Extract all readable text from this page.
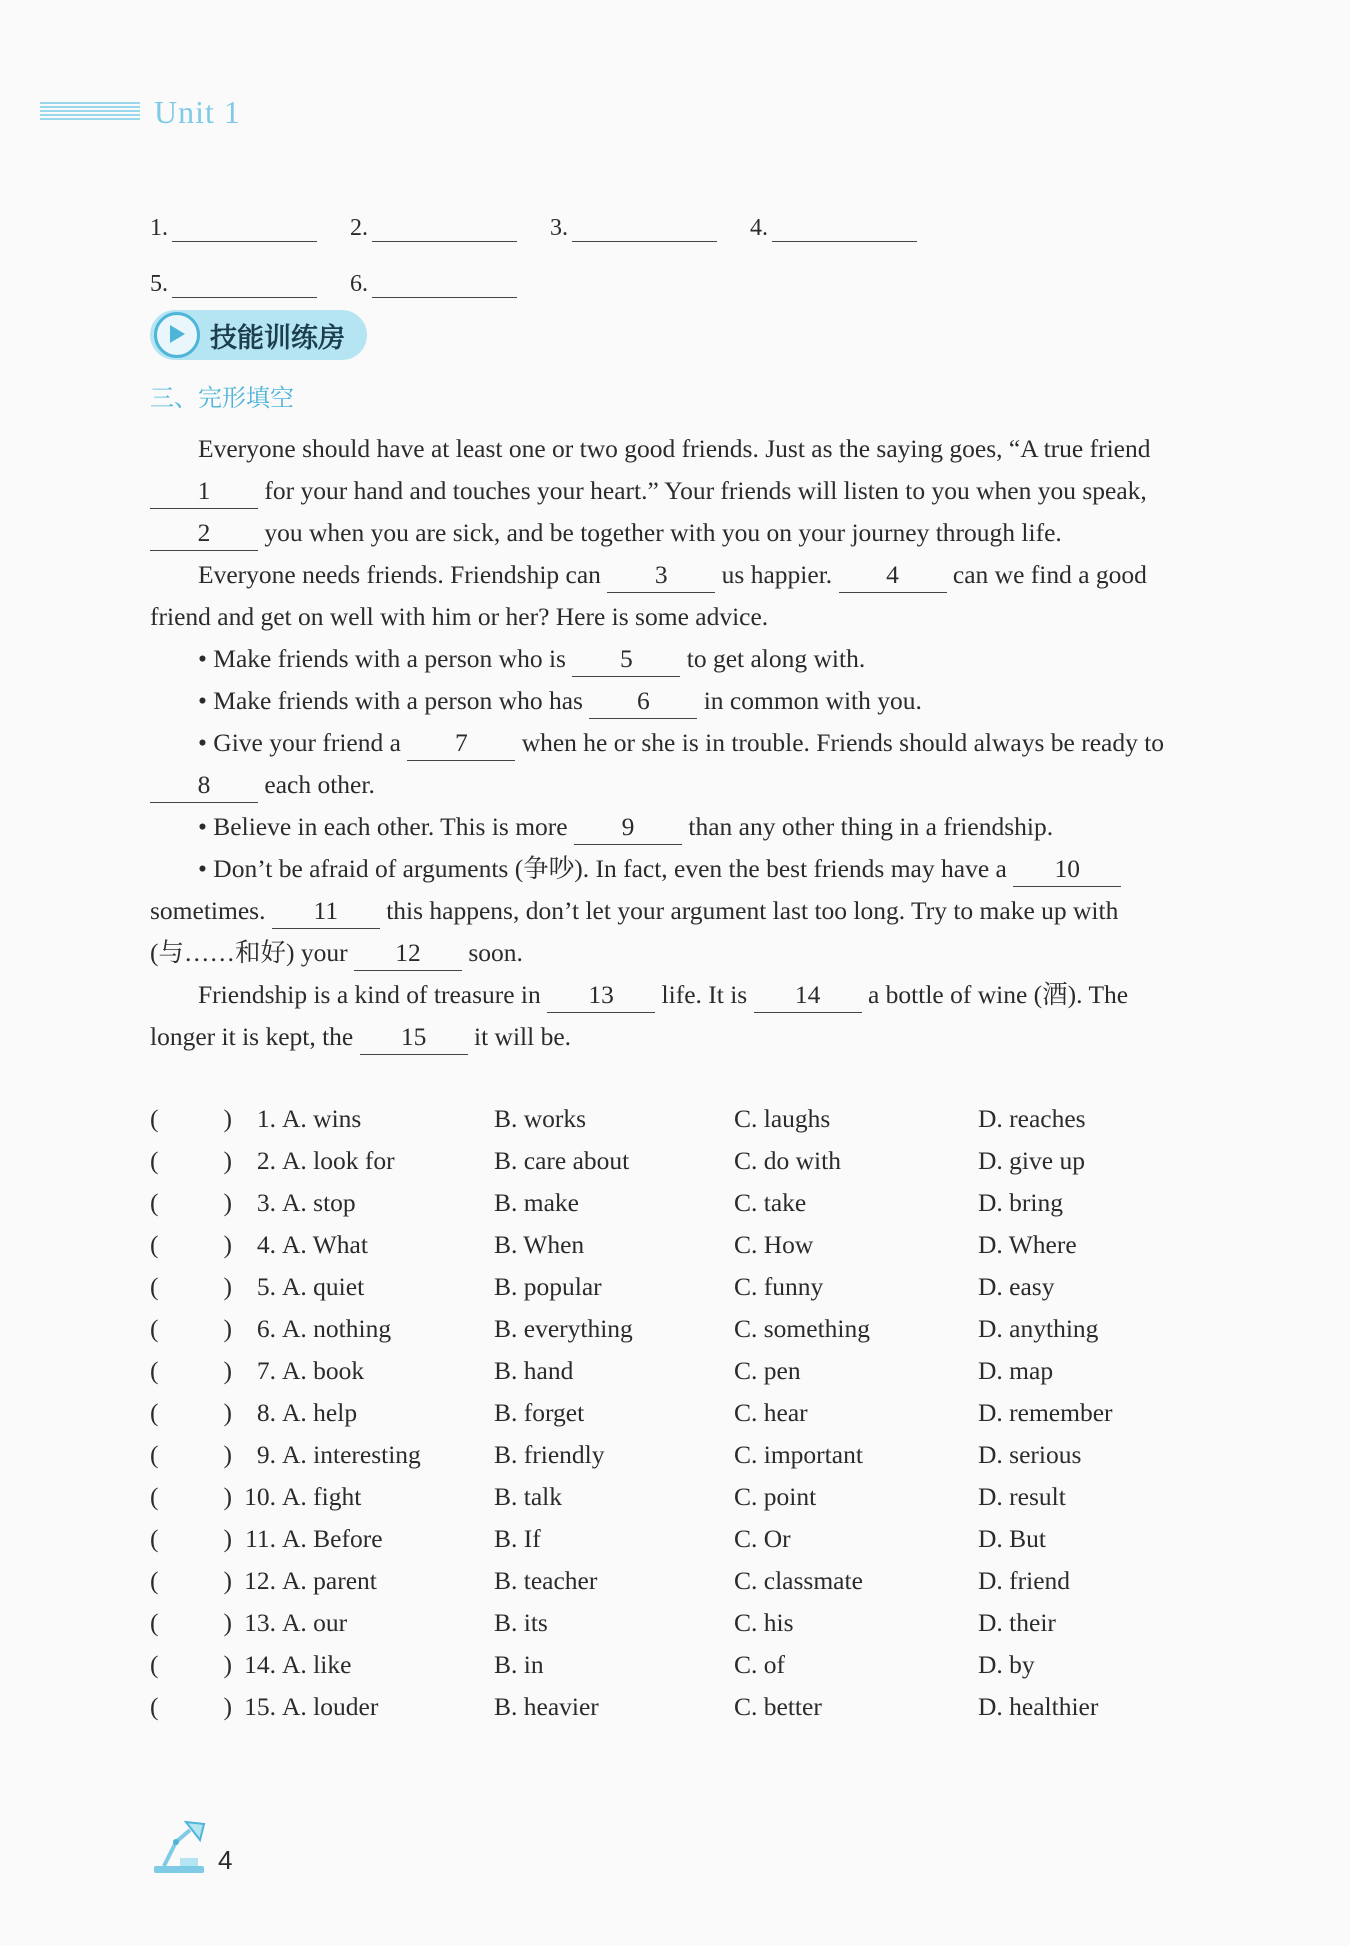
Unit 1
1.	2.	3.	4.
5.	6.
技能训练房
三、完形填空

Everyone should have at least one or two good friends. Just as the saying goes, “A true friend 1 for your hand and touches your heart.” Your friends will listen to you when you speak, 2 you when you are sick, and be together with you on your journey through life.

Everyone needs friends. Friendship can 3 us happier. 4 can we find a good friend and get on well with him or her? Here is some advice.

• Make friends with a person who is 5 to get along with.

• Make friends with a person who has 6 in common with you.

• Give your friend a 7 when he or she is in trouble. Friends should always be ready to 8 each other.

• Believe in each other. This is more 9 than any other thing in a friendship.

• Don’t be afraid of arguments (争吵). In fact, even the best friends may have a 10 sometimes. 11 this happens, don’t let your argument last too long. Try to make up with (与……和好) your 12 soon.

Friendship is a kind of treasure in 13 life. It is 14 a bottle of wine (酒). The longer it is kept, the 15 it will be.

(	) 1. A. wins	B. works	C. laughs	D. reaches
(	) 2. A. look for	B. care about	C. do with	D. give up
(	) 3. A. stop	B. make	C. take	D. bring
(	) 4. A. What	B. When	C. How	D. Where
(	) 5. A. quiet	B. popular	C. funny	D. easy
(	) 6. A. nothing	B. everything	C. something	D. anything
(	) 7. A. book	B. hand	C. pen	D. map
(	) 8. A. help	B. forget	C. hear	D. remember
(	) 9. A. interesting	B. friendly	C. important	D. serious
(	) 10. A. fight	B. talk	C. point	D. result
(	) 11. A. Before	B. If	C. Or	D. But
(	) 12. A. parent	B. teacher	C. classmate	D. friend
(	) 13. A. our	B. its	C. his	D. their
(	) 14. A. like	B. in	C. of	D. by
(	) 15. A. louder	B. heavier	C. better	D. healthier
4
